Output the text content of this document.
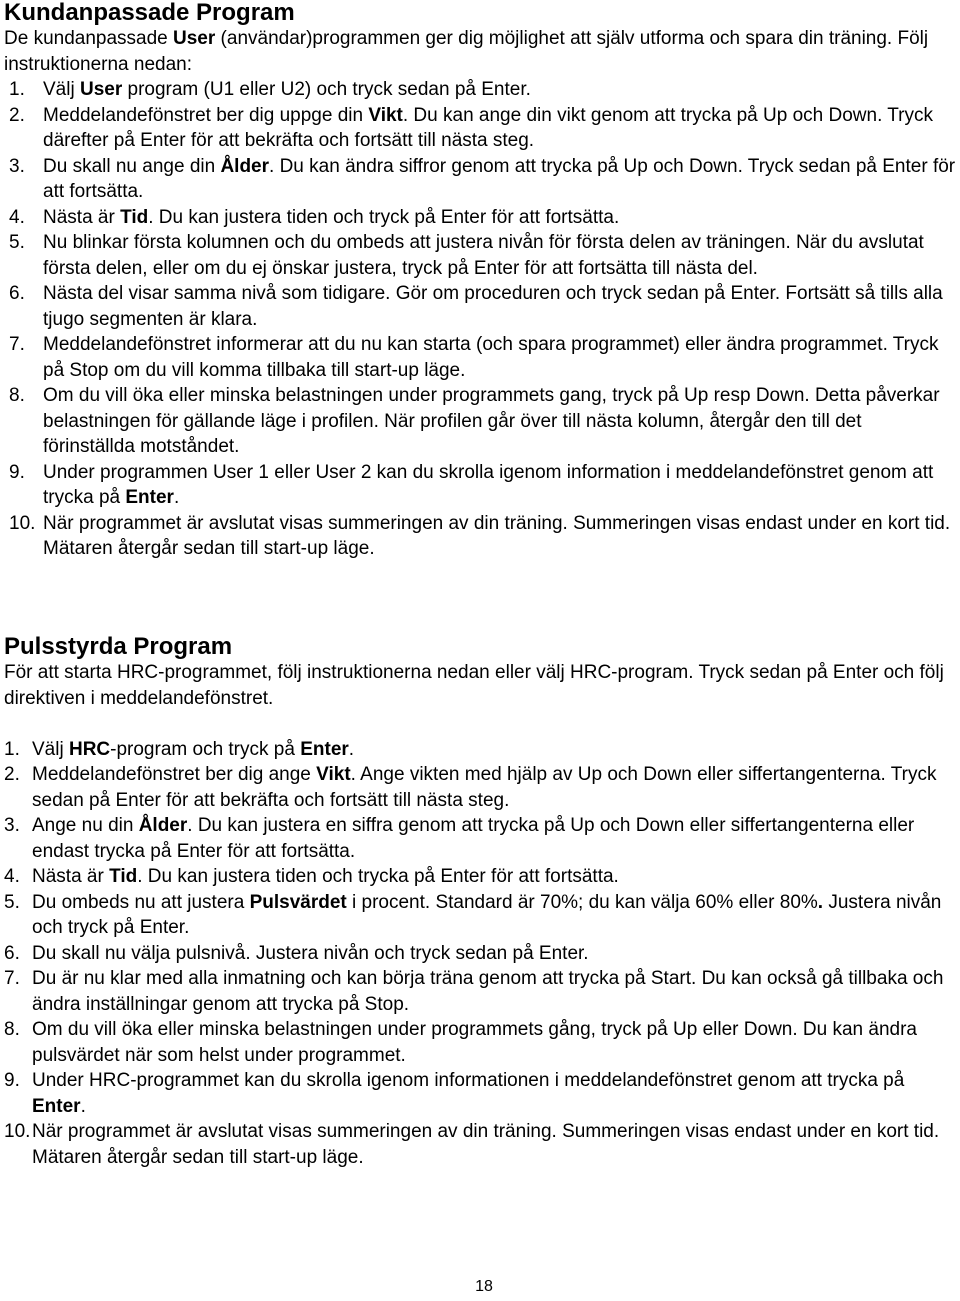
Kundanpassade Program

De kundanpassade User (användar)programmen ger dig möjlighet att själv utforma och spara din träning. Följ instruktionerna nedan:

1. Välj User program (U1 eller U2) och tryck sedan på Enter.
2. Meddelandefönstret ber dig uppge din Vikt. Du kan ange din vikt genom att trycka på Up och Down. Tryck därefter på Enter för att bekräfta och fortsätt till nästa steg.
3. Du skall nu ange din Ålder. Du kan ändra siffror genom att trycka på Up och Down. Tryck sedan på Enter för att fortsätta.
4. Nästa är Tid. Du kan justera tiden och tryck på Enter för att fortsätta.
5. Nu blinkar första kolumnen och du ombeds att justera nivån för första delen av träningen. När du avslutat första delen, eller om du ej önskar justera, tryck på Enter för att fortsätta till nästa del.
6. Nästa del visar samma nivå som tidigare. Gör om proceduren och tryck sedan på Enter. Fortsätt så tills alla tjugo segmenten är klara.
7. Meddelandefönstret informerar att du nu kan starta (och spara programmet) eller ändra programmet. Tryck på Stop om du vill komma tillbaka till start-up läge.
8. Om du vill öka eller minska belastningen under programmets gang, tryck på Up resp Down. Detta påverkar belastningen för gällande läge i profilen. När profilen går över till nästa kolumn, återgår den till det förinställda motståndet.
9. Under programmen User 1 eller User 2 kan du skrolla igenom information i meddelandefönstret genom att trycka på Enter.
10. När programmet är avslutat visas summeringen av din träning. Summeringen visas endast under en kort tid. Mätaren återgår sedan till start-up läge.
Pulsstyrda Program

För att starta HRC-programmet, följ instruktionerna nedan eller välj HRC-program. Tryck sedan på Enter och följ direktiven i meddelandefönstret.

1. Välj HRC-program och tryck på Enter.
2. Meddelandefönstret ber dig ange Vikt. Ange vikten med hjälp av Up och Down eller siffertangenterna. Tryck sedan på Enter för att bekräfta och fortsätt till nästa steg.
3. Ange nu din Ålder. Du kan justera en siffra genom att trycka på Up och Down eller siffertangenterna eller endast trycka på Enter för att fortsätta.
4. Nästa är Tid. Du kan justera tiden och trycka på Enter för att fortsätta.
5. Du ombeds nu att justera Pulsvärdet i procent. Standard är 70%; du kan välja 60% eller 80%. Justera nivån och tryck på Enter.
6. Du skall nu välja pulsnivå. Justera nivån och tryck sedan på Enter.
7. Du är nu klar med alla inmatning och kan börja träna genom att trycka på Start. Du kan också gå tillbaka och ändra inställningar genom att trycka på Stop.
8. Om du vill öka eller minska belastningen under programmets gång, tryck på Up eller Down. Du kan ändra pulsvärdet när som helst under programmet.
9. Under HRC-programmet kan du skrolla igenom informationen i meddelandefönstret genom att trycka på Enter.
10. När programmet är avslutat visas summeringen av din träning. Summeringen visas endast under en kort tid. Mätaren återgår sedan till start-up läge.
18
